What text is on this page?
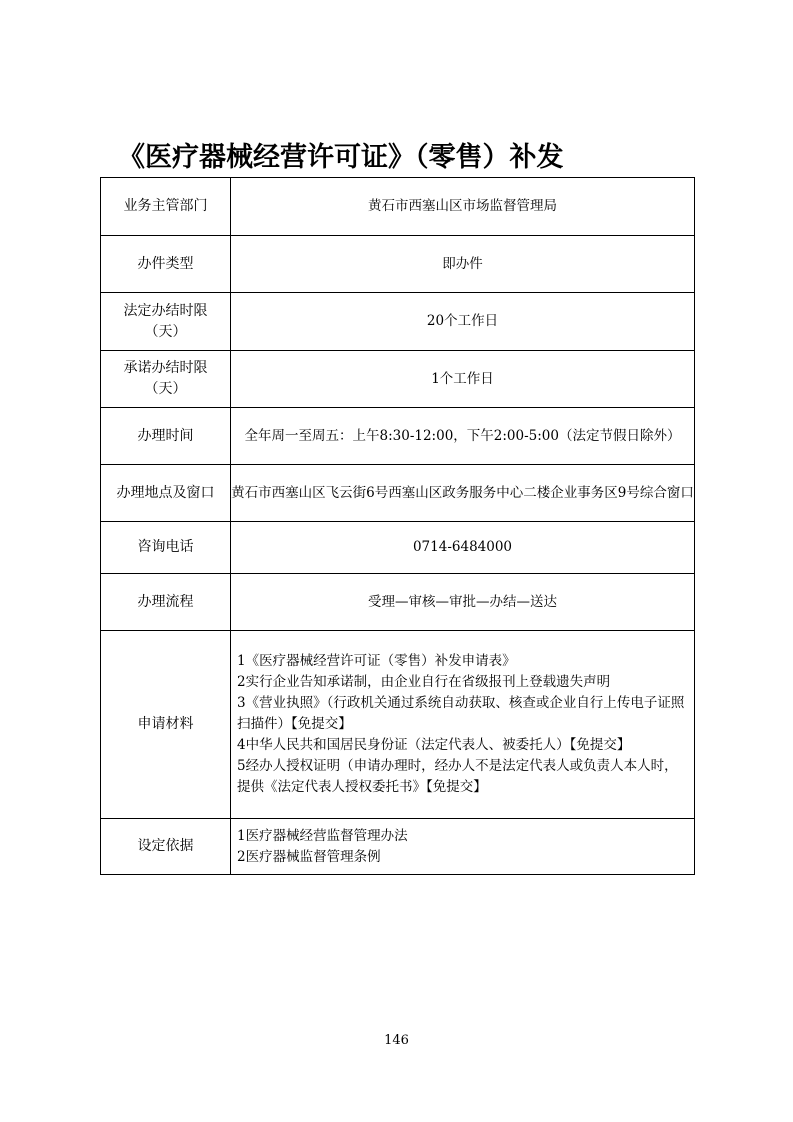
《医疗器械经营许可证》（零售）补发
业务主管部门	黄石市西塞山区市场监督管理局
办件类型	即办件
法定办结时限（天）	20个工作日
承诺办结时限（天）	1个工作日
办理时间	全年周一至周五：上午8:30-12:00，下午2:00-5:00（法定节假日除外）
办理地点及窗口	黄石市西塞山区飞云街6号西塞山区政务服务中心二楼企业事务区9号综合窗口
咨询电话	0714-6484000
办理流程	受理—审核—审批—办结—送达
申请材料	1《医疗器械经营许可证（零售）补发申请表》
2实行企业告知承诺制，由企业自行在省级报刊上登载遗失声明
3《营业执照》（行政机关通过系统自动获取、核查或企业自行上传电子证照扫描件）【免提交】
4中华人民共和国居民身份证（法定代表人、被委托人）【免提交】
5经办人授权证明（申请办理时，经办人不是法定代表人或负责人本人时，提供《法定代表人授权委托书》【免提交】

设定依据	1医疗器械经营监督管理办法
2医疗器械监督管理条例
146
